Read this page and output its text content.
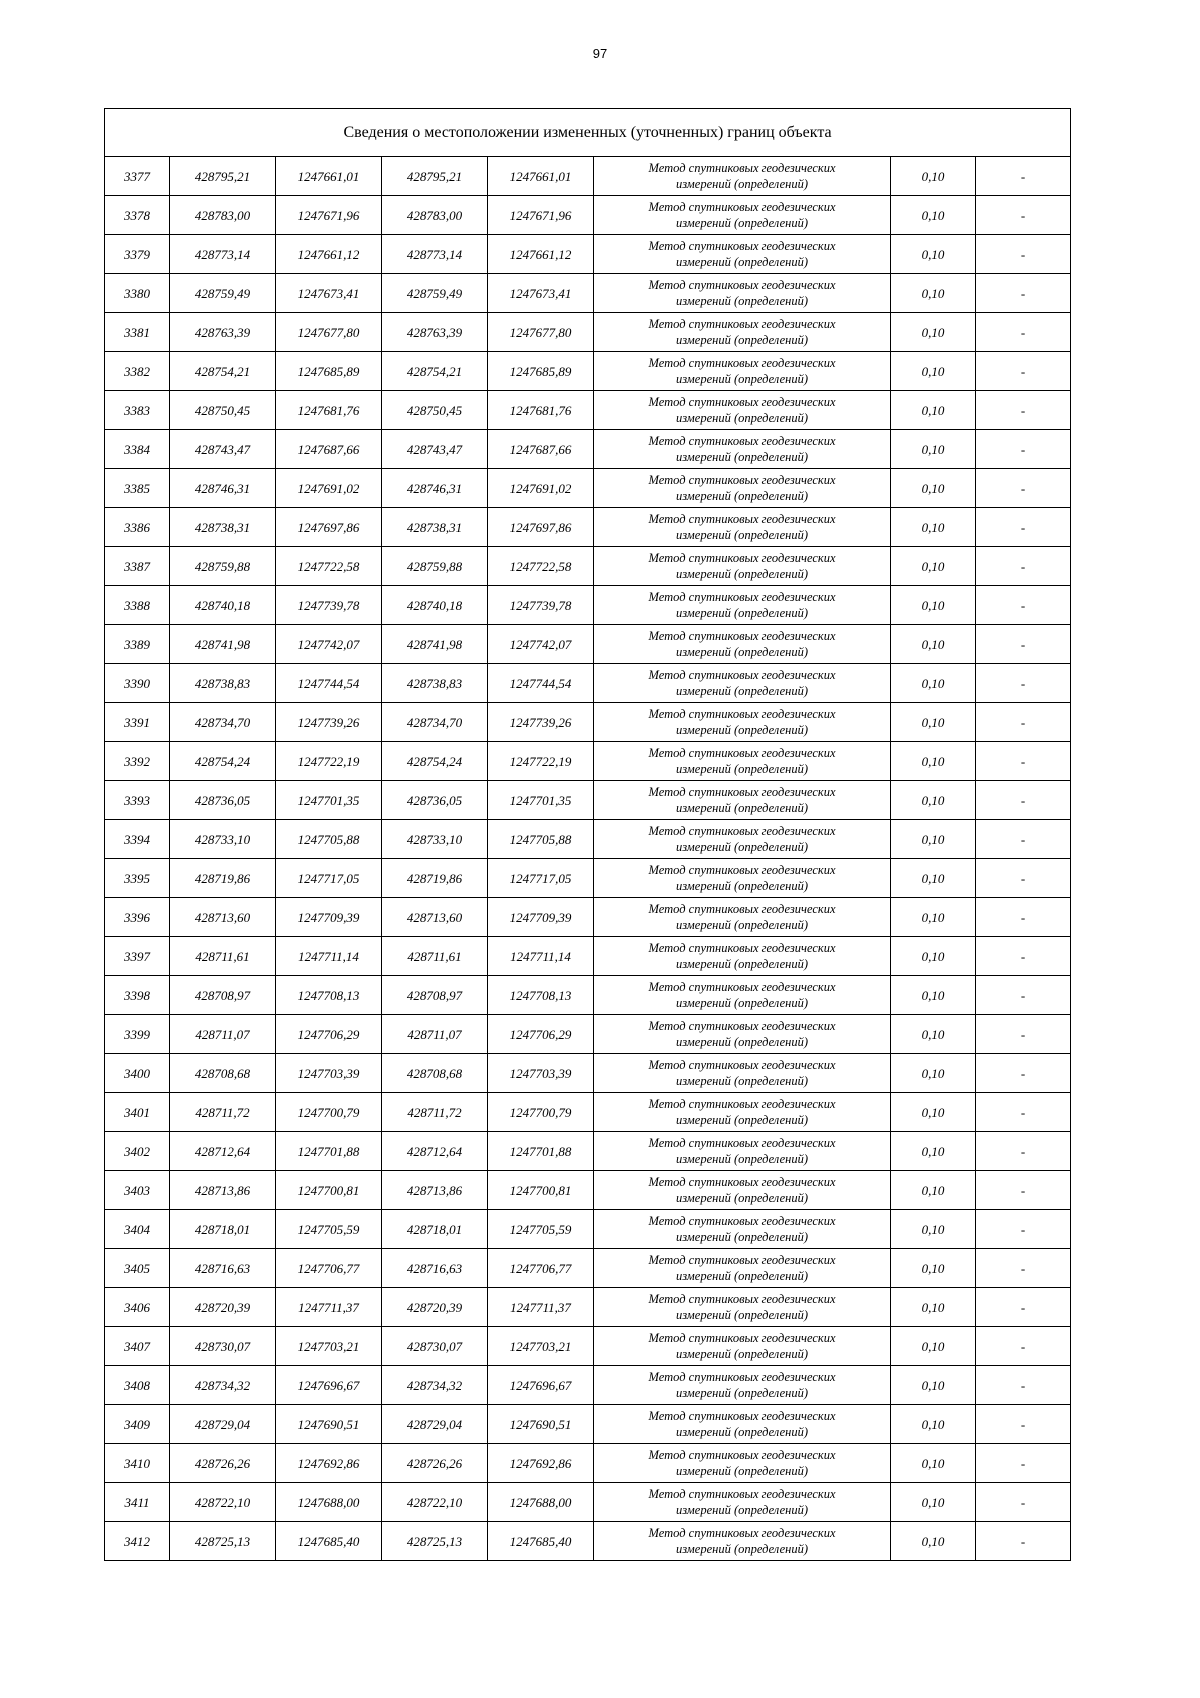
97
Сведения о местоположении измененных (уточненных) границ объекта							
3377	428795,21	1247661,01	428795,21	1247661,01	Метод спутниковых геодезических
измерений (определений)	0,10	-
3378	428783,00	1247671,96	428783,00	1247671,96	Метод спутниковых геодезических
измерений (определений)	0,10	-
3379	428773,14	1247661,12	428773,14	1247661,12	Метод спутниковых геодезических
измерений (определений)	0,10	-
3380	428759,49	1247673,41	428759,49	1247673,41	Метод спутниковых геодезических
измерений (определений)	0,10	-
3381	428763,39	1247677,80	428763,39	1247677,80	Метод спутниковых геодезических
измерений (определений)	0,10	-
3382	428754,21	1247685,89	428754,21	1247685,89	Метод спутниковых геодезических
измерений (определений)	0,10	-
3383	428750,45	1247681,76	428750,45	1247681,76	Метод спутниковых геодезических
измерений (определений)	0,10	-
3384	428743,47	1247687,66	428743,47	1247687,66	Метод спутниковых геодезических
измерений (определений)	0,10	-
3385	428746,31	1247691,02	428746,31	1247691,02	Метод спутниковых геодезических
измерений (определений)	0,10	-
3386	428738,31	1247697,86	428738,31	1247697,86	Метод спутниковых геодезических
измерений (определений)	0,10	-
3387	428759,88	1247722,58	428759,88	1247722,58	Метод спутниковых геодезических
измерений (определений)	0,10	-
3388	428740,18	1247739,78	428740,18	1247739,78	Метод спутниковых геодезических
измерений (определений)	0,10	-
3389	428741,98	1247742,07	428741,98	1247742,07	Метод спутниковых геодезических
измерений (определений)	0,10	-
3390	428738,83	1247744,54	428738,83	1247744,54	Метод спутниковых геодезических
измерений (определений)	0,10	-
3391	428734,70	1247739,26	428734,70	1247739,26	Метод спутниковых геодезических
измерений (определений)	0,10	-
3392	428754,24	1247722,19	428754,24	1247722,19	Метод спутниковых геодезических
измерений (определений)	0,10	-
3393	428736,05	1247701,35	428736,05	1247701,35	Метод спутниковых геодезических
измерений (определений)	0,10	-
3394	428733,10	1247705,88	428733,10	1247705,88	Метод спутниковых геодезических
измерений (определений)	0,10	-
3395	428719,86	1247717,05	428719,86	1247717,05	Метод спутниковых геодезических
измерений (определений)	0,10	-
3396	428713,60	1247709,39	428713,60	1247709,39	Метод спутниковых геодезических
измерений (определений)	0,10	-
3397	428711,61	1247711,14	428711,61	1247711,14	Метод спутниковых геодезических
измерений (определений)	0,10	-
3398	428708,97	1247708,13	428708,97	1247708,13	Метод спутниковых геодезических
измерений (определений)	0,10	-
3399	428711,07	1247706,29	428711,07	1247706,29	Метод спутниковых геодезических
измерений (определений)	0,10	-
3400	428708,68	1247703,39	428708,68	1247703,39	Метод спутниковых геодезических
измерений (определений)	0,10	-
3401	428711,72	1247700,79	428711,72	1247700,79	Метод спутниковых геодезических
измерений (определений)	0,10	-
3402	428712,64	1247701,88	428712,64	1247701,88	Метод спутниковых геодезических
измерений (определений)	0,10	-
3403	428713,86	1247700,81	428713,86	1247700,81	Метод спутниковых геодезических
измерений (определений)	0,10	-
3404	428718,01	1247705,59	428718,01	1247705,59	Метод спутниковых геодезических
измерений (определений)	0,10	-
3405	428716,63	1247706,77	428716,63	1247706,77	Метод спутниковых геодезических
измерений (определений)	0,10	-
3406	428720,39	1247711,37	428720,39	1247711,37	Метод спутниковых геодезических
измерений (определений)	0,10	-
3407	428730,07	1247703,21	428730,07	1247703,21	Метод спутниковых геодезических
измерений (определений)	0,10	-
3408	428734,32	1247696,67	428734,32	1247696,67	Метод спутниковых геодезических
измерений (определений)	0,10	-
3409	428729,04	1247690,51	428729,04	1247690,51	Метод спутниковых геодезических
измерений (определений)	0,10	-
3410	428726,26	1247692,86	428726,26	1247692,86	Метод спутниковых геодезических
измерений (определений)	0,10	-
3411	428722,10	1247688,00	428722,10	1247688,00	Метод спутниковых геодезических
измерений (определений)	0,10	-
3412	428725,13	1247685,40	428725,13	1247685,40	Метод спутниковых геодезических
измерений (определений)	0,10	-
